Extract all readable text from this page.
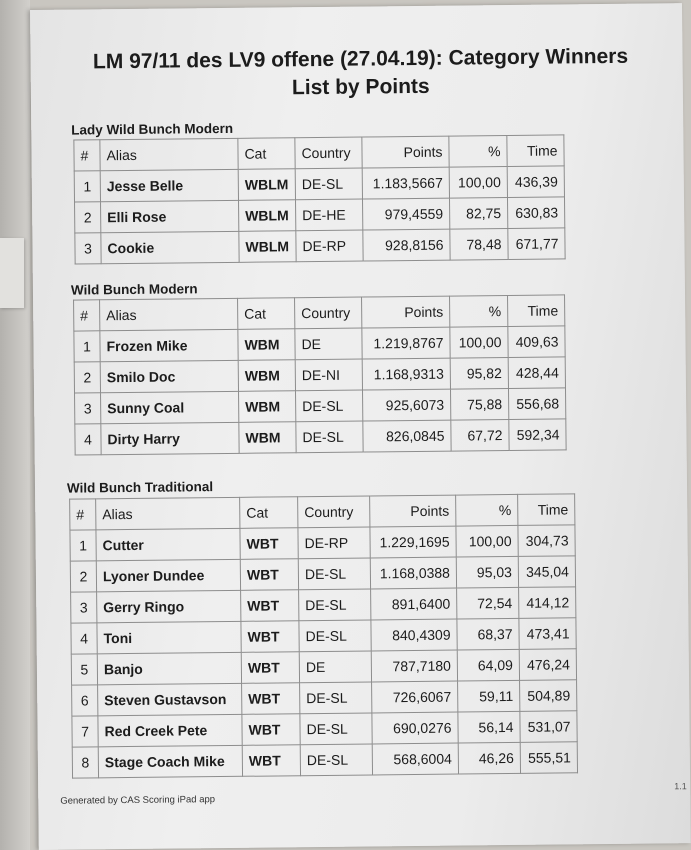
LM 97/11 des LV9 offene (27.04.19): Category Winners
List by Points
Lady Wild Bunch Modern
#	Alias	Cat	Country	Points	%	Time
1	Jesse Belle	WBLM	DE-SL	1.183,5667	100,00	436,39
2	Elli Rose	WBLM	DE-HE	979,4559	82,75	630,83
3	Cookie	WBLM	DE-RP	928,8156	78,48	671,77
Wild Bunch Modern
#	Alias	Cat	Country	Points	%	Time
1	Frozen Mike	WBM	DE	1.219,8767	100,00	409,63
2	Smilo Doc	WBM	DE-NI	1.168,9313	95,82	428,44
3	Sunny Coal	WBM	DE-SL	925,6073	75,88	556,68
4	Dirty Harry	WBM	DE-SL	826,0845	67,72	592,34
Wild Bunch Traditional
#	Alias	Cat	Country	Points	%	Time
1	Cutter	WBT	DE-RP	1.229,1695	100,00	304,73
2	Lyoner Dundee	WBT	DE-SL	1.168,0388	95,03	345,04
3	Gerry Ringo	WBT	DE-SL	891,6400	72,54	414,12
4	Toni	WBT	DE-SL	840,4309	68,37	473,41
5	Banjo	WBT	DE	787,7180	64,09	476,24
6	Steven Gustavson	WBT	DE-SL	726,6067	59,11	504,89
7	Red Creek Pete	WBT	DE-SL	690,0276	56,14	531,07
8	Stage Coach Mike	WBT	DE-SL	568,6004	46,26	555,51
Generated by CAS Scoring iPad app
1.1
